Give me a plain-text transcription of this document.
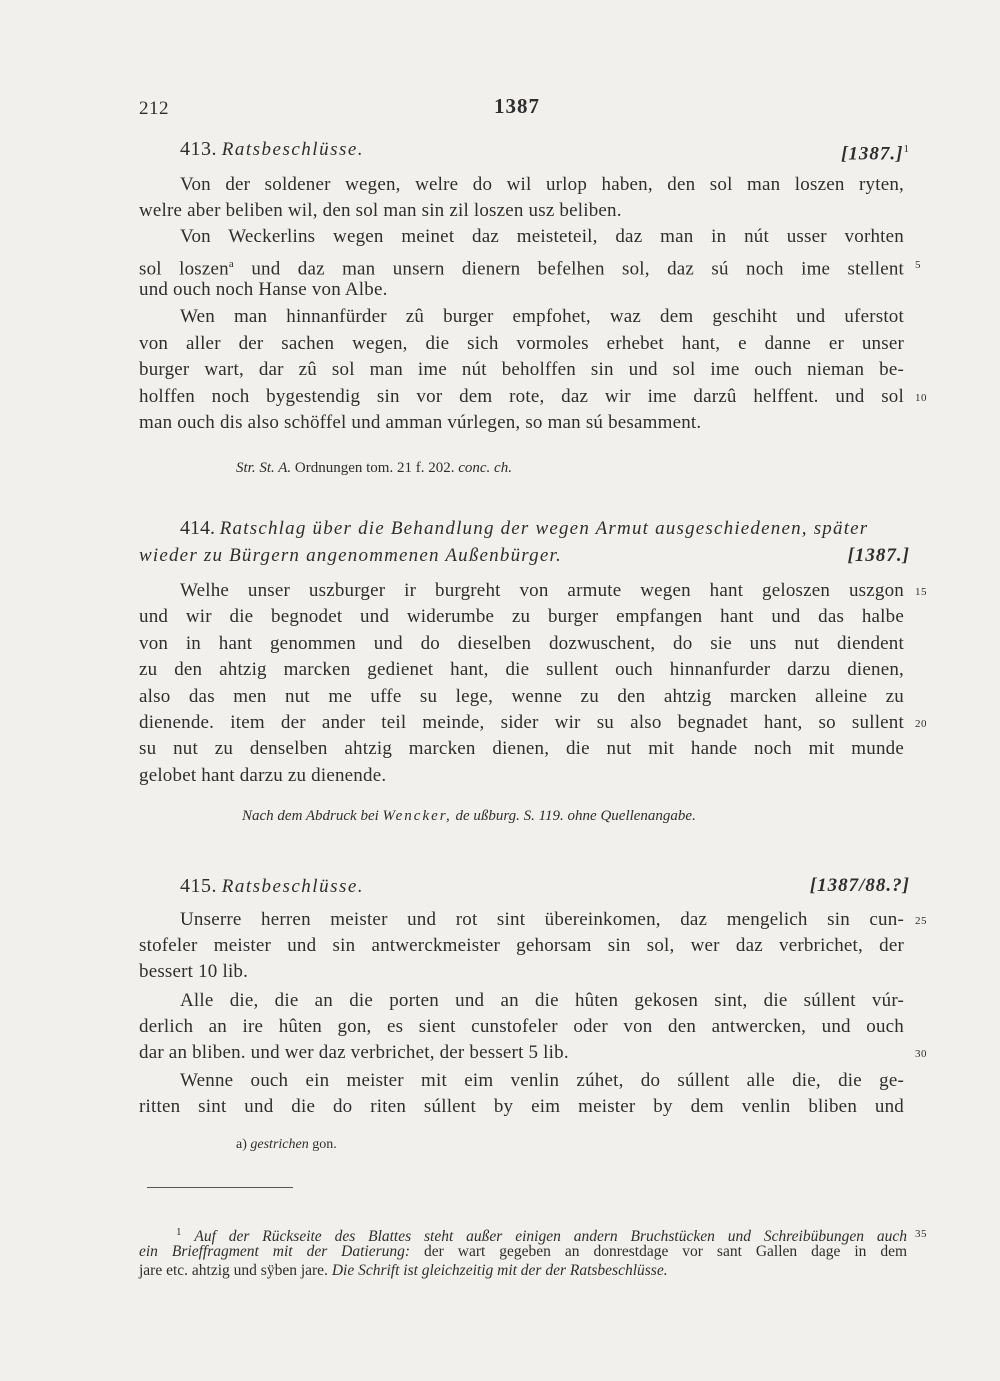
212	1387
413. Ratsbeschlüsse.	$[1387.]^1$
Von der soldener wegen, welre do wil urlop haben, den sol man loszen ryten,
welre aber beliben wil, den sol man sin zil loszen usz beliben.
Von Weckerlins wegen meinet daz meisteteil, daz man in nút usser vorhten
sol loszen$^a$ und daz man unsern dienern befelhen sol, daz sú noch ime stellent 5
und ouch noch Hanse von Albe.
Wen man hinnanfürder zû burger empfohet, waz dem geschiht und uferstot
von aller der sachen wegen, die sich vormoles erhebet hant, e danne er unser
burger wart, dar zû sol man ime nút beholffen sin und sol ime ouch nieman be-
holffen noch bygestendig sin vor dem rote, daz wir ime darzû helffent. und sol 10
man ouch dis also schöffel und amman vúrlegen, so man sú besamment.
Str. St. A. Ordnungen tom. 21 f. 202. conc. ch.
414. Ratschlag über die Behandlung der wegen Armut ausgeschiedenen, später
wieder zu Bürgern angenommenen Außenbürger.	[1387.]
Welhe unser uszburger ir burgreht von armute wegen hant geloszen uszgon 15
und wir die begnodet und widerumbe zu burger empfangen hant und das halbe
von in hant genommen und do dieselben dozwuschent, do sie uns nut diendent
zu den ahtzig marcken gedienet hant, die sullent ouch hinnanfurder darzu dienen,
also das men nut me uffe su lege, wenne zu den ahtzig marcken alleine zu
dienende. item der ander teil meinde, sider wir su also begnadet hant, so sullent 20
su nut zu denselben ahtzig marcken dienen, die nut mit hande noch mit munde
gelobet hant darzu zu dienende.
Nach dem Abdruck bei Wencker, de ußburg. S. 119. ohne Quellenangabe.
415. Ratsbeschlüsse.	[1387/88.?]
Unserre herren meister und rot sint übereinkomen, daz mengelich sin cun- 25
stofeler meister und sin antwerckmeister gehorsam sin sol, wer daz verbrichet, der
bessert 10 lib.
Alle die, die an die porten und an die hûten gekosen sint, die súllent vúr-
derlich an ire hûten gon, es sient cunstofeler oder von den antwercken, und ouch
dar an bliben. und wer daz verbrichet, der bessert 5 lib.	30
Wenne ouch ein meister mit eim venlin zúhet, do súllent alle die, die ge-
ritten sint und die do riten súllent by eim meister by dem venlin bliben und
a) gestrichen gon.
$^1$ Auf der Rückseite des Blattes steht außer einigen andern Bruchstücken und Schreibübungen auch 35
ein Brieffragment mit der Datierung: der wart gegeben an donrestdage vor sant Gallen dage in dem
jare etc. ahtzig und sÿben jare. Die Schrift ist gleichzeitig mit der der Ratsbeschlüsse.
